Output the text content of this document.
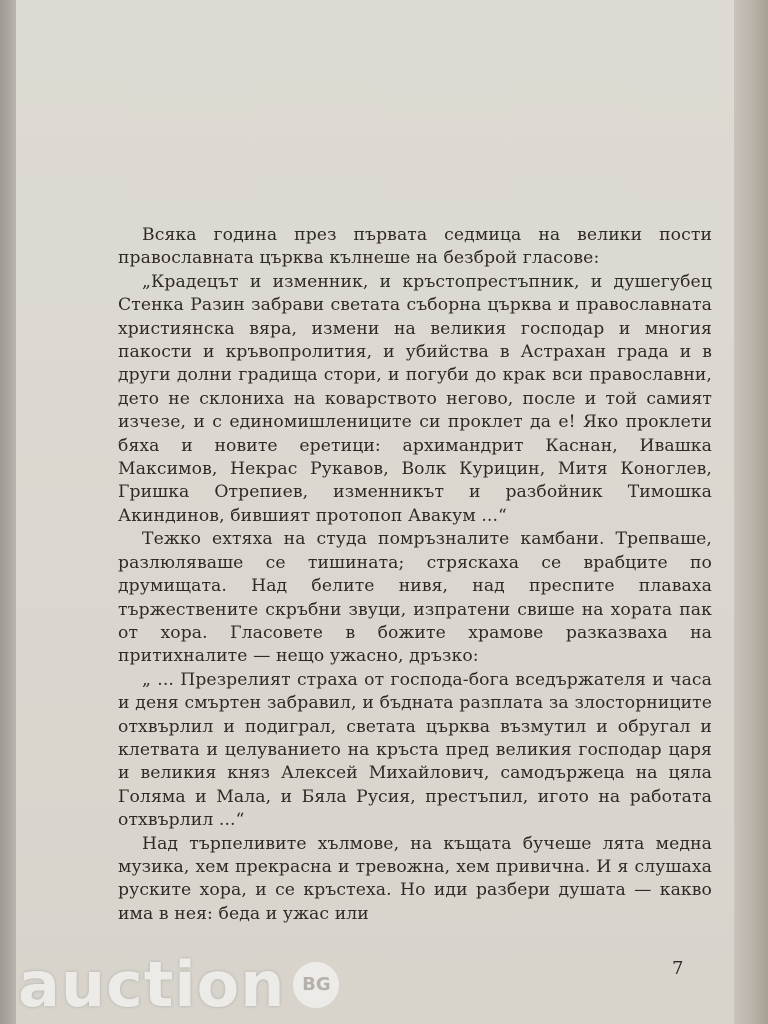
Всяка година през първата седмица на велики пости православната църква кълнеше на безброй гласове:

„Крадецът и изменник, и кръстопрестъпник, и душегубец Стенка Разин забрави светата съборна църква и православната християнска вяра, измени на великия господар и многия пакости и кръвопролития, и убийства в Астрахан града и в други долни градища стори, и погуби до крак вси православни, дето не склониха на коварството негово, после и той самият изчезе, и с единомишлениците си проклет да е! Яко проклети бяха и новите еретици: архимандрит Каснан, Ивашка Максимов, Некрас Рукавов, Волк Курицин, Митя Коноглев, Гришка Отрепиев, изменникът и разбойник Тимошка Акиндинов, бившият протопоп Авакум ...“

Тежко ехтяха на студа помръзналите камбани. Трепваше, разлюляваше се тишината; стряскаха се врабците по друмищата. Над белите нивя, над преспите плаваха тържествените скръбни звуци, изпратени свише на хората пак от хора. Гласовете в божите храмове разказваха на притихналите — нещо ужасно, дръзко:

„ ... Презрелият страха от господа-бога вседържателя и часа и деня смъртен забравил, и бъдната разплата за злосторниците отхвърлил и подиграл, светата църква възмутил и обругал и клетвата и целуванието на кръста пред великия господар царя и великия княз Алексей Михайлович, самодържеца на цяла Голяма и Мала, и Бяла Русия, престъпил, игото на работата отхвърлил ...“

Над търпеливите хълмове, на къщата бучеше лята медна музика, хем прекрасна и тревожна, хем привична. И я слушаха руските хора, и се кръстеха. Но иди разбери душата — какво има в нея: беда и ужас или

7
auction BG
